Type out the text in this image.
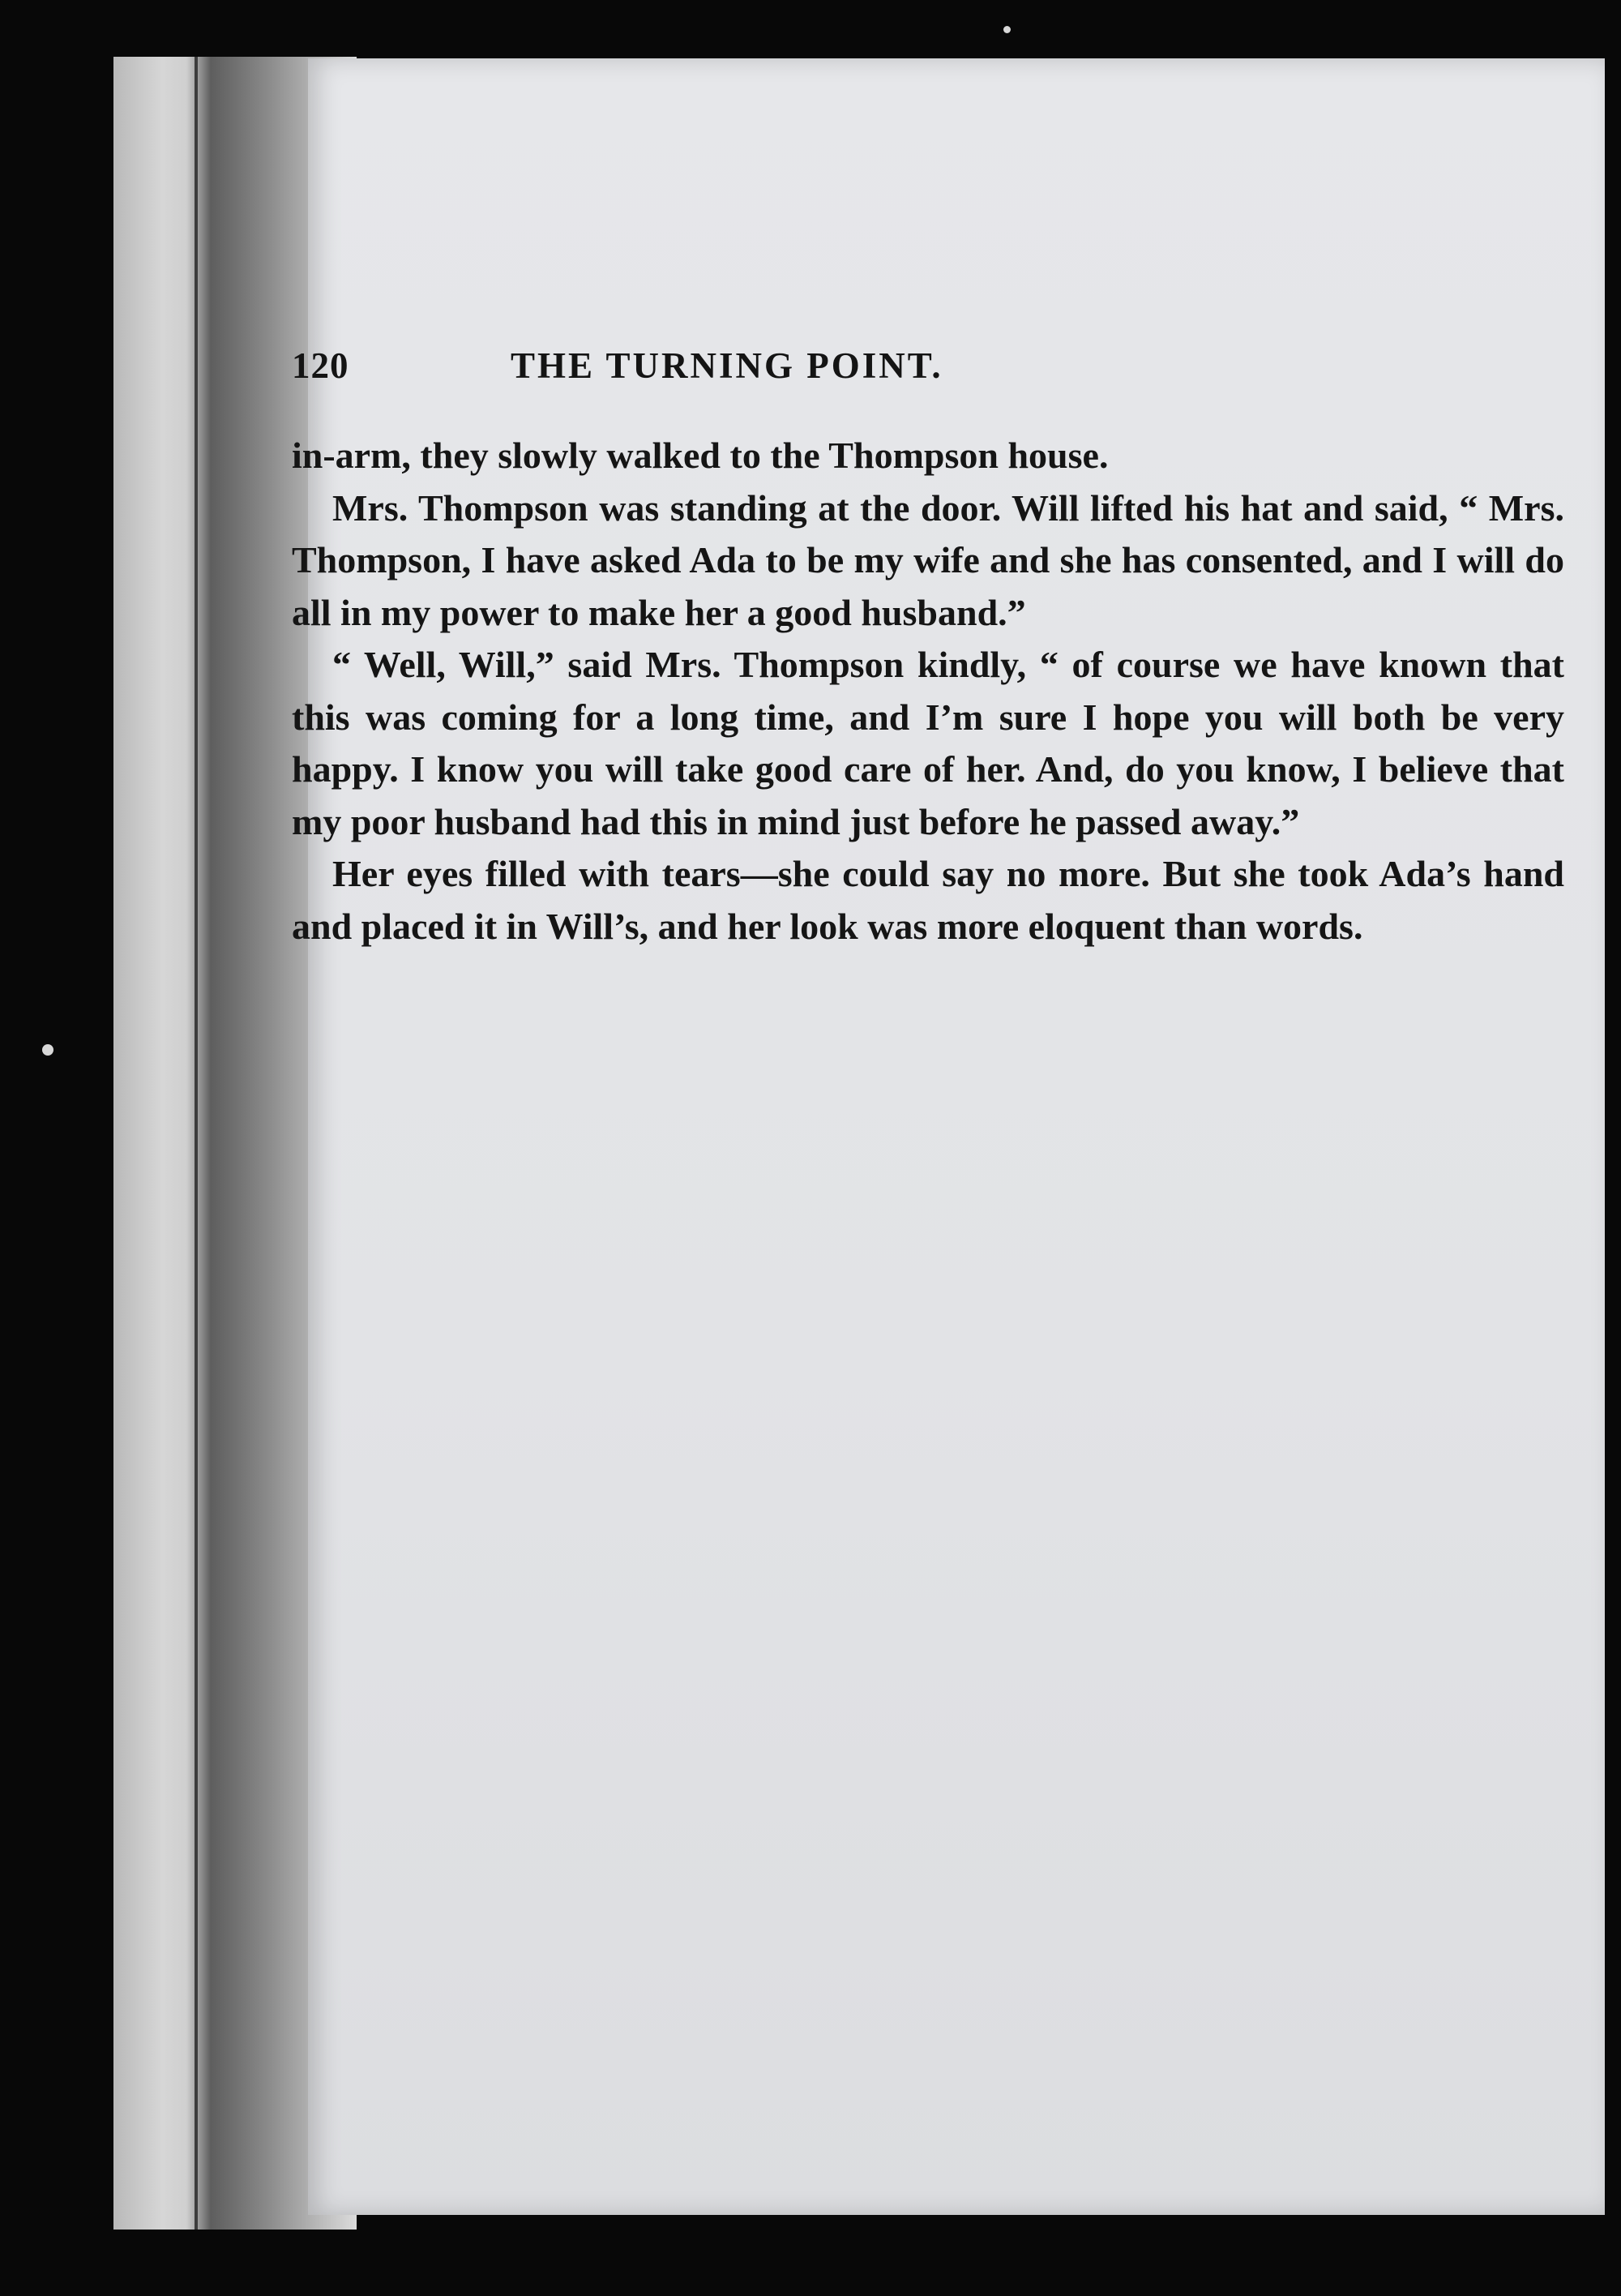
120	THE TURNING POINT.

in-arm, they slowly walked to the Thompson house.

Mrs. Thompson was standing at the door. Will lifted his hat and said, “ Mrs. Thompson, I have asked Ada to be my wife and she has consented, and I will do all in my power to make her a good husband.”

“ Well, Will,” said Mrs. Thompson kindly, “ of course we have known that this was coming for a long time, and I’m sure I hope you will both be very happy. I know you will take good care of her. And, do you know, I believe that my poor husband had this in mind just before he passed away.”

Her eyes filled with tears—she could say no more. But she took Ada’s hand and placed it in Will’s, and her look was more eloquent than words.
